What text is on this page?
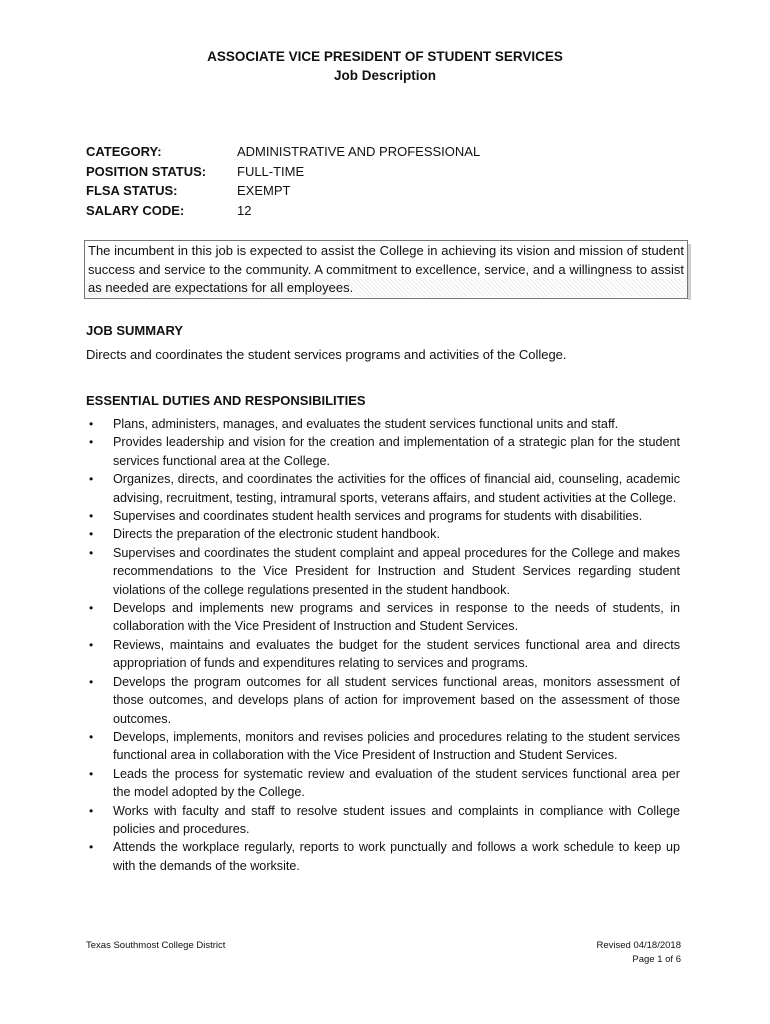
ASSOCIATE VICE PRESIDENT OF STUDENT SERVICES
Job Description
CATEGORY:	ADMINISTRATIVE AND PROFESSIONAL
POSITION STATUS: FULL-TIME
FLSA STATUS:	EXEMPT
SALARY CODE:	12
The incumbent in this job is expected to assist the College in achieving its vision and mission of student success and service to the community. A commitment to excellence, service, and a willingness to assist as needed are expectations for all employees.
JOB SUMMARY
Directs and coordinates the student services programs and activities of the College.
ESSENTIAL DUTIES AND RESPONSIBILITIES
• Plans, administers, manages, and evaluates the student services functional units and staff.
• Provides leadership and vision for the creation and implementation of a strategic plan for the student services functional area at the College.
• Organizes, directs, and coordinates the activities for the offices of financial aid, counseling, academic advising, recruitment, testing, intramural sports, veterans affairs, and student activities at the College.
• Supervises and coordinates student health services and programs for students with disabilities.
• Directs the preparation of the electronic student handbook.
• Supervises and coordinates the student complaint and appeal procedures for the College and makes recommendations to the Vice President for Instruction and Student Services regarding student violations of the college regulations presented in the student handbook.
• Develops and implements new programs and services in response to the needs of students, in collaboration with the Vice President of Instruction and Student Services.
• Reviews, maintains and evaluates the budget for the student services functional area and directs appropriation of funds and expenditures relating to services and programs.
• Develops the program outcomes for all student services functional areas, monitors assessment of those outcomes, and develops plans of action for improvement based on the assessment of those outcomes.
• Develops, implements, monitors and revises policies and procedures relating to the student services functional area in collaboration with the Vice President of Instruction and Student Services.
• Leads the process for systematic review and evaluation of the student services functional area per the model adopted by the College.
• Works with faculty and staff to resolve student issues and complaints in compliance with College policies and procedures.
• Attends the workplace regularly, reports to work punctually and follows a work schedule to keep up with the demands of the worksite.
Texas Southmost College District	Revised 04/18/2018
Page 1 of 6
